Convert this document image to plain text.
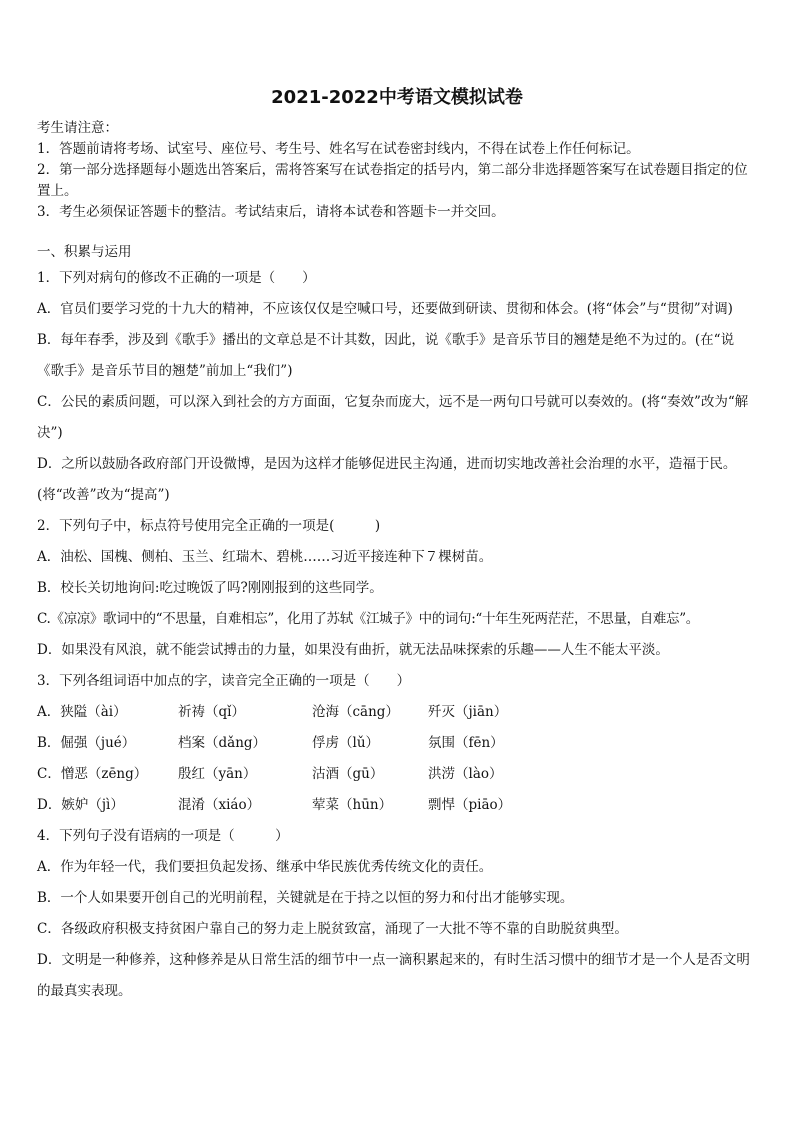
2021-2022中考语文模拟试卷

考生请注意：

1．答题前请将考场、试室号、座位号、考生号、姓名写在试卷密封线内，不得在试卷上作任何标记。

2．第一部分选择题每小题选出答案后，需将答案写在试卷指定的括号内，第二部分非选择题答案写在试卷题目指定的位置上。

3．考生必须保证答题卡的整洁。考试结束后，请将本试卷和答题卡一并交回。

一、积累与运用

1．下列对病句的修改不正确的一项是（　　）

A．官员们要学习党的十九大的精神，不应该仅仅是空喊口号，还要做到研读、贯彻和体会。(将“体会”与“贯彻”对调)

B．每年春季，涉及到《歌手》播出的文章总是不计其数，因此，说《歌手》是音乐节目的翘楚是绝不为过的。(在“说《歌手》是音乐节目的翘楚”前加上“我们”)

C．公民的素质问题，可以深入到社会的方方面面，它复杂而庞大，远不是一两句口号就可以奏效的。(将“奏效”改为“解决”)

D．之所以鼓励各政府部门开设微博，是因为这样才能够促进民主沟通，进而切实地改善社会治理的水平，造福于民。(将“改善”改为“提高”)

2．下列句子中，标点符号使用完全正确的一项是(　　　)

A．油松、国槐、侧柏、玉兰、红瑞木、碧桃……习近平接连种下７棵树苗。

B．校长关切地询问:吃过晚饭了吗?刚刚报到的这些同学。

C.《凉凉》歌词中的“不思量，自难相忘”，化用了苏轼《江城子》中的词句:“十年生死两茫茫，不思量，自难忘”。

D．如果没有风浪，就不能尝试搏击的力量，如果没有曲折，就无法品味探索的乐趣——人生不能太平淡。

3．下列各组词语中加点的字，读音完全正确的一项是（　　）

A．狭隘（ài）	祈祷（qǐ）	沧海（cāng）	歼灭（jiān）
B．倔强（jué）	档案（dǎng）	俘虏（lǔ）	氛围（fēn）
C．憎恶（zēng）	殷红（yān）	沽酒（gū）	洪涝（lào）
D．嫉妒（jì）	混淆（xiáo）	荤菜（hūn）	剽悍（piāo）

4．下列句子没有语病的一项是（　　　）

A．作为年轻一代，我们要担负起发扬、继承中华民族优秀传统文化的责任。

B．一个人如果要开创自己的光明前程，关键就是在于持之以恒的努力和付出才能够实现。

C．各级政府积极支持贫困户靠自己的努力走上脱贫致富，涌现了一大批不等不靠的自助脱贫典型。

D．文明是一种修养，这种修养是从日常生活的细节中一点一滴积累起来的，有时生活习惯中的细节才是一个人是否文明的最真实表现。
